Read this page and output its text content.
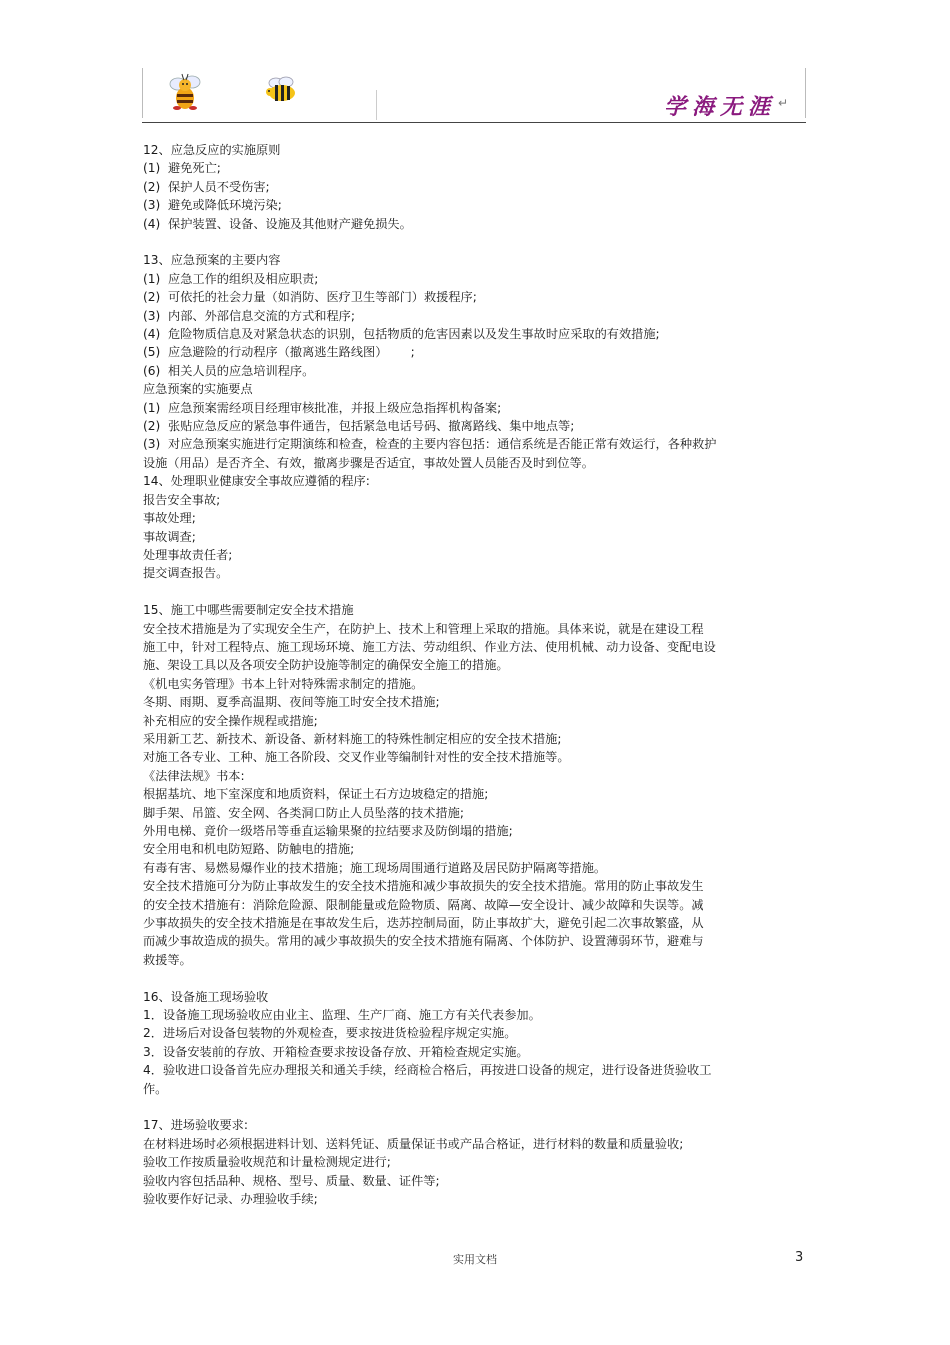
学海无涯 ↵

12、应急反应的实施原则

(1)  避免死亡;

(2)  保护人员不受伤害;

(3)  避免或降低环境污染;

(4)  保护装置、设备、设施及其他财产避免损失。

13、应急预案的主要内容

(1)  应急工作的组织及相应职责;

(2)  可依托的社会力量（如消防、医疗卫生等部门）救援程序;

(3)  内部、外部信息交流的方式和程序;

(4)  危险物质信息及对紧急状态的识别，包括物质的危害因素以及发生事故时应采取的有效措施;

(5)  应急避险的行动程序（撤离逃生路线图）      ;

(6)  相关人员的应急培训程序。

应急预案的实施要点

(1)  应急预案需经项目经理审核批准，并报上级应急指挥机构备案;

(2)  张贴应急反应的紧急事件通告，包括紧急电话号码、撤离路线、集中地点等;

(3)  对应急预案实施进行定期演练和检查，检查的主要内容包括：通信系统是否能正常有效运行，各种救护

设施（用品）是否齐全、有效，撤离步骤是否适宜，事故处置人员能否及时到位等。

14、处理职业健康安全事故应遵循的程序:

报告安全事故;

事故处理;

事故调查;

处理事故责任者;

提交调查报告。

15、施工中哪些需要制定安全技术措施

安全技术措施是为了实现安全生产，在防护上、技术上和管理上采取的措施。具体来说，就是在建设工程

施工中，针对工程特点、施工现场环境、施工方法、劳动组织、作业方法、使用机械、动力设备、变配电设

施、架设工具以及各项安全防护设施等制定的确保安全施工的措施。

《机电实务管理》书本上针对特殊需求制定的措施。

冬期、雨期、夏季高温期、夜间等施工时安全技术措施;

补充相应的安全操作规程或措施;

采用新工艺、新技术、新设备、新材料施工的特殊性制定相应的安全技术措施;

对施工各专业、工种、施工各阶段、交叉作业等编制针对性的安全技术措施等。

《法律法规》书本:

根据基坑、地下室深度和地质资料，保证土石方边坡稳定的措施;

脚手架、吊篮、安全网、各类洞口防止人员坠落的技术措施;

外用电梯、竟价一级塔吊等垂直运输果聚的拉结要求及防倒塌的措施;

安全用电和机电防短路、防触电的措施;

有毒有害、易燃易爆作业的技术措施；施工现场周围通行道路及居民防护隔离等措施。

安全技术措施可分为防止事故发生的安全技术措施和减少事故损失的安全技术措施。常用的防止事故发生

的安全技术措施有：消除危险源、限制能量或危险物质、隔离、故障—安全设计、减少故障和失误等。减

少事故损失的安全技术措施是在事故发生后，迭苏控制局面，防止事故扩大，避免引起二次事故繁盛，从

而减少事故造成的损失。常用的减少事故损失的安全技术措施有隔离、个体防护、设置薄弱环节，避难与

救援等。

16、设备施工现场验收

1．设备施工现场验收应由业主、监理、生产厂商、施工方有关代表参加。

2．进场后对设备包装物的外观检查，要求按进货检验程序规定实施。

3．设备安装前的存放、开箱检查要求按设备存放、开箱检查规定实施。

4．验收进口设备首先应办理报关和通关手续，经商检合格后，再按进口设备的规定，进行设备进货验收工

作。

17、进场验收要求:

在材料进场时必须根据进料计划、送料凭证、质量保证书或产品合格证，进行材料的数量和质量验收;

验收工作按质量验收规范和计量检测规定进行;

验收内容包括品种、规格、型号、质量、数量、证件等;

验收要作好记录、办理验收手续;

实用文档	3
